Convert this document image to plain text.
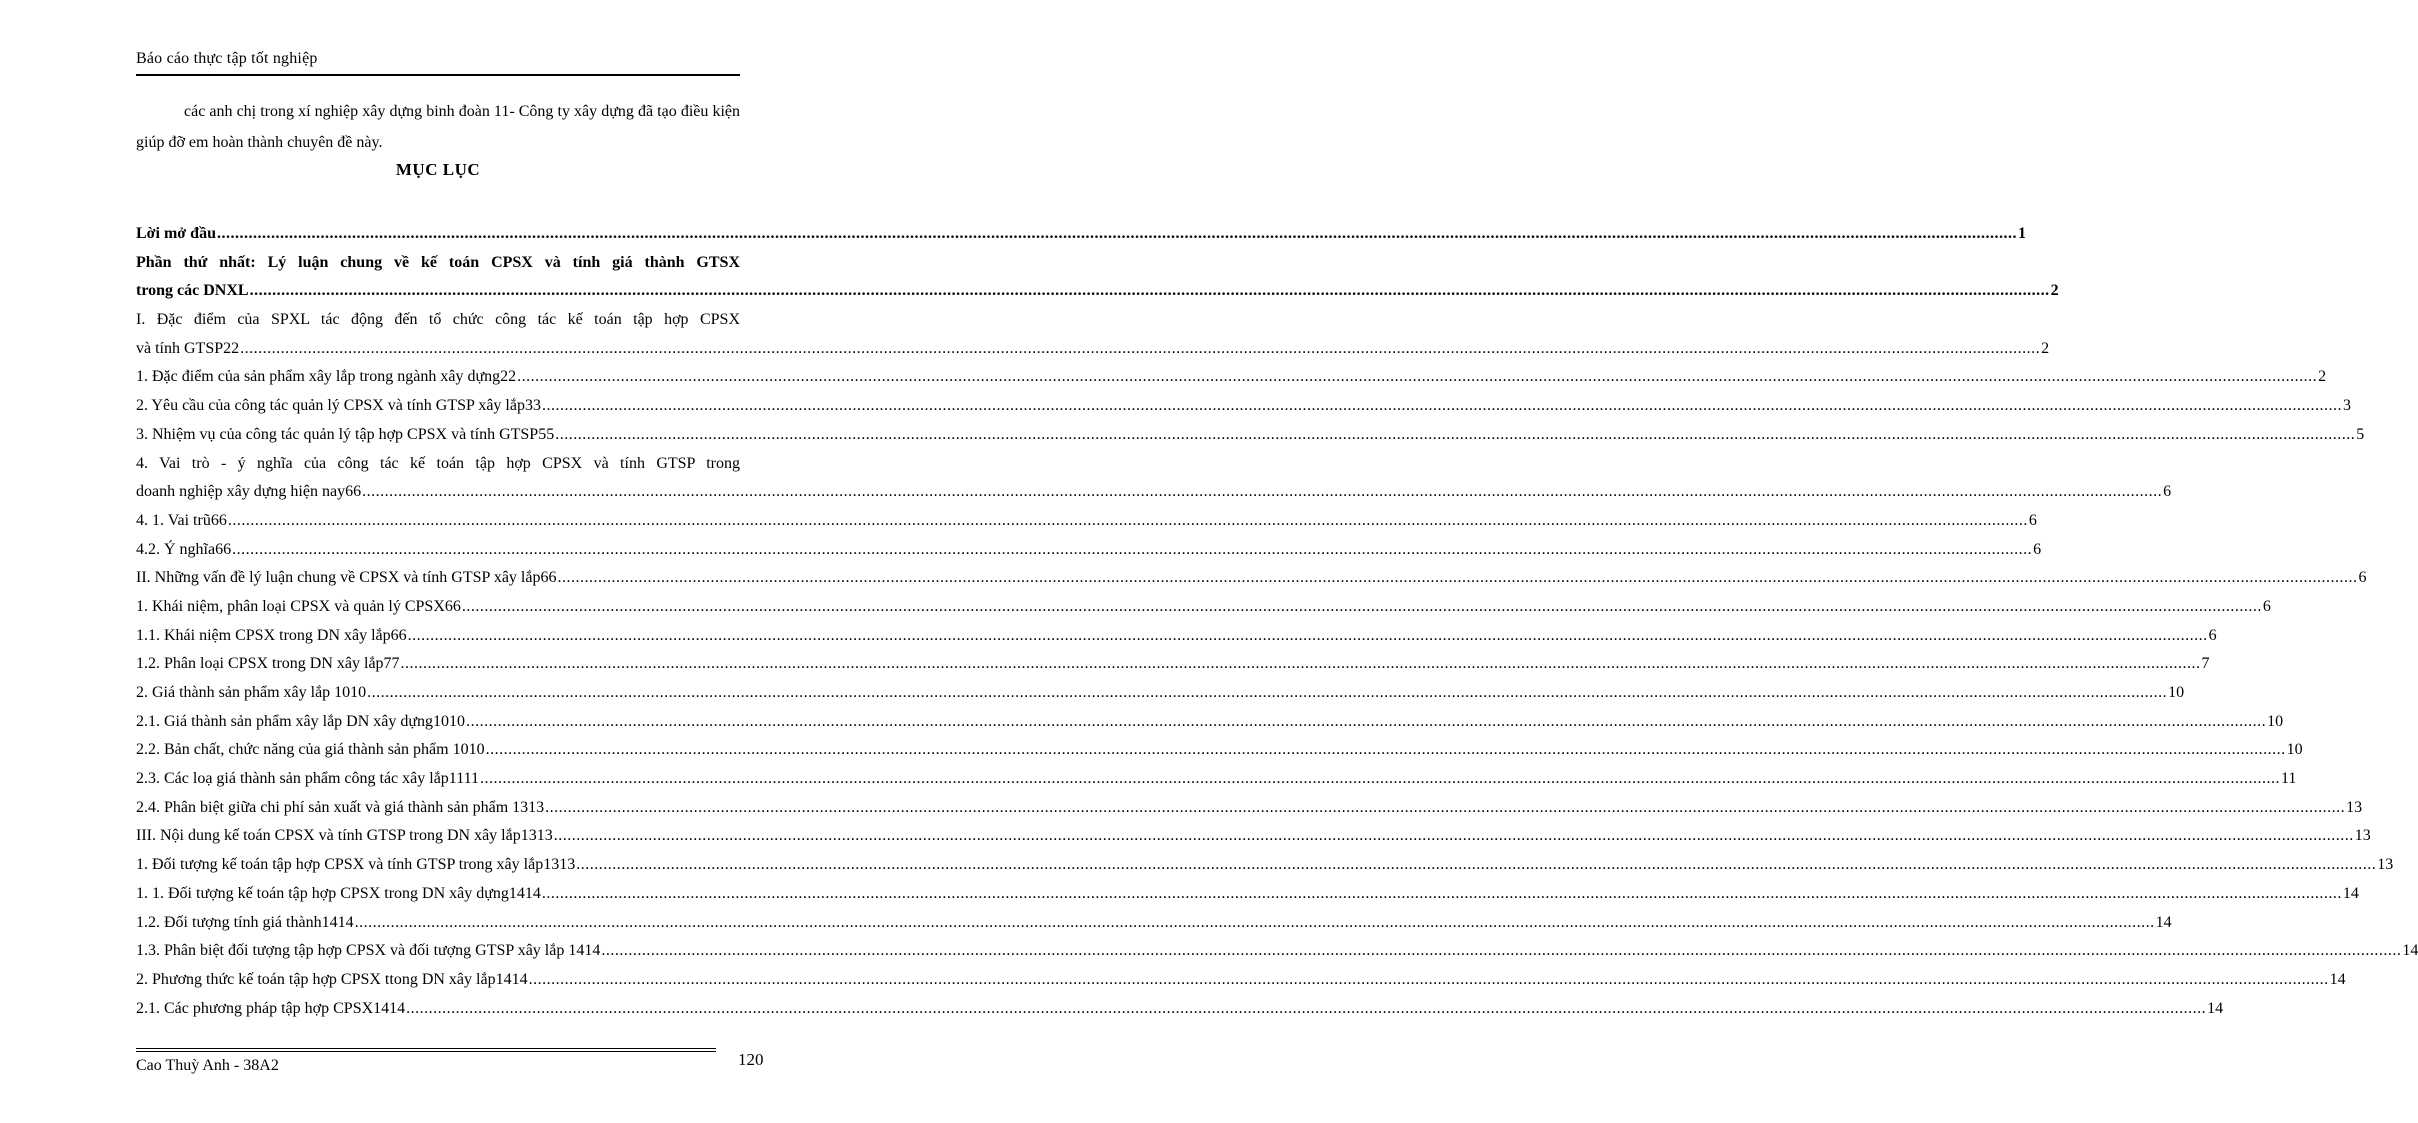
Báo cáo thực tập tốt nghiệp
các anh chị trong xí nghiệp xây dựng binh đoàn 11- Công ty xây dựng đã tạo điều kiện giúp đỡ em hoàn thành chuyên đề này.
MỤC LỤC
Lời mở đầu ................................................................................................................................................................................................................................................................................................................................................................................................................ 1
Phần thứ nhất: Lý luận chung về kế toán CPSX và tính giá thành GTSX
trong các DNXL ................................................................................................................................................................................................................................................................................................................................................................................................................ 2
I. Đặc điểm của SPXL tác động đến tổ chức công tác kế toán tập hợp CPSX
và tính GTSP22 ................................................................................................................................................................................................................................................................................................................................................................................................................ 2
1. Đặc điểm của sản phẩm xây lắp trong ngành xây dựng22 ................................................................................................................................................................................................................................................................................................................................................................................................................ 2
2. Yêu cầu của công tác quản lý CPSX và tính GTSP xây lắp33 ................................................................................................................................................................................................................................................................................................................................................................................................................ 3
3. Nhiệm vụ của công tác quản lý tập hợp CPSX và tính GTSP55 ................................................................................................................................................................................................................................................................................................................................................................................................................ 5
4. Vai trò - ý nghĩa của công tác kế toán tập hợp CPSX và tính GTSP trong
doanh nghiệp xây dựng hiện nay66 ................................................................................................................................................................................................................................................................................................................................................................................................................ 6
4. 1. Vai trũ66 ................................................................................................................................................................................................................................................................................................................................................................................................................ 6
4.2. Ý nghĩa66 ................................................................................................................................................................................................................................................................................................................................................................................................................ 6
II. Những vấn đề lý luận chung về CPSX và tính GTSP xây lắp66 ................................................................................................................................................................................................................................................................................................................................................................................................................ 6
1. Khái niệm, phân loại CPSX và quản lý CPSX66 ................................................................................................................................................................................................................................................................................................................................................................................................................ 6
1.1. Khái niệm CPSX trong DN xây lắp66 ................................................................................................................................................................................................................................................................................................................................................................................................................ 6
1.2. Phân loại CPSX trong DN xây lắp77 ................................................................................................................................................................................................................................................................................................................................................................................................................ 7
2. Giá thành sản phẩm xây lắp 1010 ................................................................................................................................................................................................................................................................................................................................................................................................................ 10
2.1. Giá thành sản phẩm xây lắp DN xây dựng1010 ................................................................................................................................................................................................................................................................................................................................................................................................................ 10
2.2. Bản chất, chức năng của giá thành sản phẩm 1010 ................................................................................................................................................................................................................................................................................................................................................................................................................ 10
2.3. Các loạ giá thành sản phẩm công tác xây lắp1111 ................................................................................................................................................................................................................................................................................................................................................................................................................ 11
2.4. Phân biệt giữa chi phí sản xuất và giá thành sản phẩm 1313 ................................................................................................................................................................................................................................................................................................................................................................................................................ 13
III. Nội dung kế toán CPSX và tính GTSP trong DN xây lắp1313 ................................................................................................................................................................................................................................................................................................................................................................................................................ 13
1. Đối tượng kế toán tập hợp CPSX và tính GTSP trong xây lắp1313 ................................................................................................................................................................................................................................................................................................................................................................................................................ 13
1. 1. Đối tượng kế toán tập hợp CPSX trong DN xây dựng1414 ................................................................................................................................................................................................................................................................................................................................................................................................................ 14
1.2. Đối tượng tính giá thành1414 ................................................................................................................................................................................................................................................................................................................................................................................................................ 14
1.3. Phân biệt đối tượng tập hợp CPSX và đối tượng GTSP xây lắp 1414 ................................................................................................................................................................................................................................................................................................................................................................................................................ 14
2. Phương thức kế toán tập hợp CPSX ttong DN xây lắp1414 ................................................................................................................................................................................................................................................................................................................................................................................................................ 14
2.1. Các phương pháp tập hợp CPSX1414 ................................................................................................................................................................................................................................................................................................................................................................................................................ 14
Cao Thuỳ Anh - 38A2	120
